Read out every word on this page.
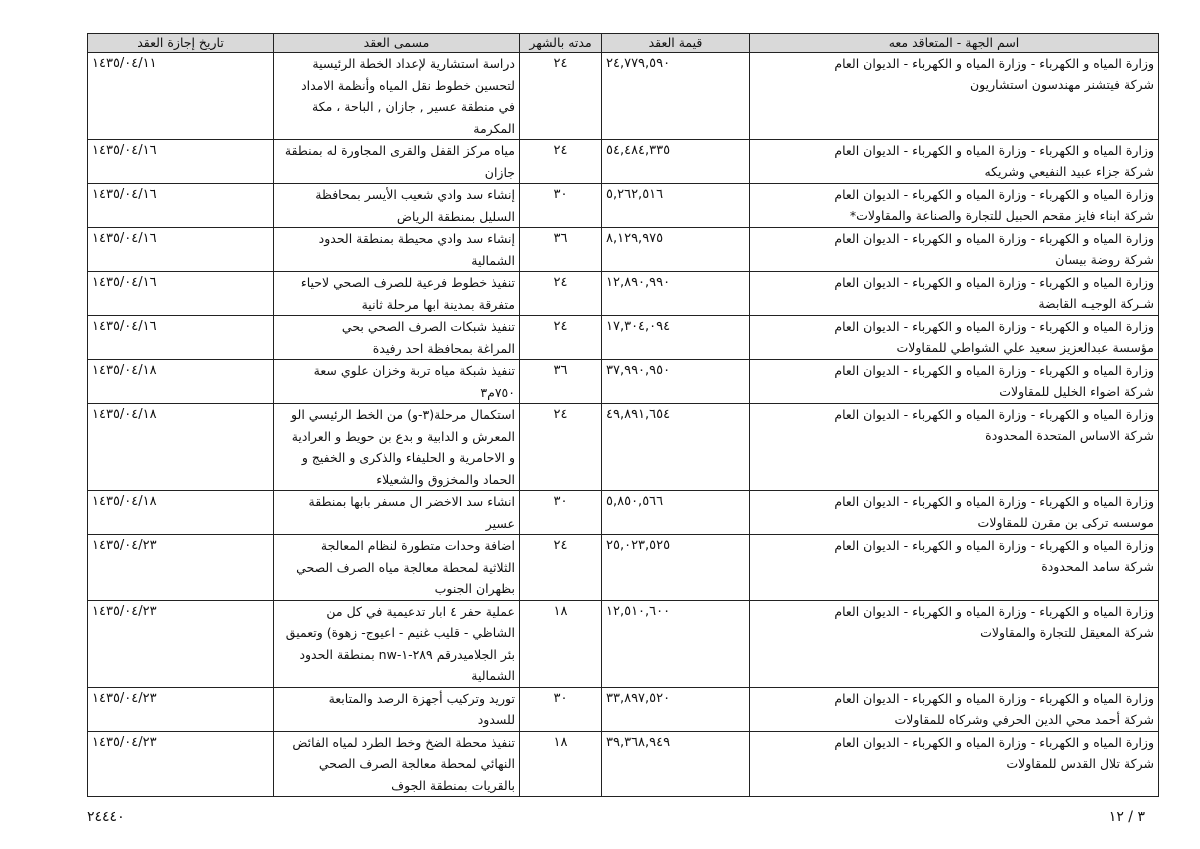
اسم الجهة - المتعاقد معه	قيمة العقد	مدته بالشهر	مسمى العقد	تاريخ إجازة العقد

وزارة المياه و الكهرباء - وزارة المياه و الكهرباء - الديوان العام
شركة فيتشنر مهندسون استشاريون	٢٤,٧٧٩,٥٩٠	٢٤	دراسة استشارية لإعداد الخطة الرئيسية
لتحسين خطوط نقل المياه وأنظمة الامداد
في منطقة عسير , جازان , الباحة ، مكة
المكرمة	١٤٣٥/٠٤/١١

وزارة المياه و الكهرباء - وزارة المياه و الكهرباء - الديوان العام
شركة جزاء عبيد النفيعي وشريكه	٥٤,٤٨٤,٣٣٥	٢٤	مياه مركز القفل والقرى المجاورة له بمنطقة
جازان	١٤٣٥/٠٤/١٦

وزارة المياه و الكهرباء - وزارة المياه و الكهرباء - الديوان العام
شركة ابناء فايز مقحم الحبيل للتجارة والصناعة والمقاولات*	٥,٢٦٢,٥١٦	٣٠	إنشاء سد وادي شعيب الأيسر بمحافظة
السليل بمنطقة الرياض	١٤٣٥/٠٤/١٦

وزارة المياه و الكهرباء - وزارة المياه و الكهرباء - الديوان العام
شركة روضة بيسان	٨,١٢٩,٩٧٥	٣٦	إنشاء سد وادي محيطة بمنطقة الحدود
الشمالية	١٤٣٥/٠٤/١٦

وزارة المياه و الكهرباء - وزارة المياه و الكهرباء - الديوان العام
شـركة الوجيـه القابضة	١٢,٨٩٠,٩٩٠	٢٤	تنفيذ خطوط فرعية للصرف الصحي لاحياء
متفرقة بمدينة ابها مرحلة ثانية	١٤٣٥/٠٤/١٦

وزارة المياه و الكهرباء - وزارة المياه و الكهرباء - الديوان العام
مؤسسة عبدالعزيز سعيد علي الشواطي للمقاولات	١٧,٣٠٤,٠٩٤	٢٤	تنفيذ شبكات الصرف الصحي بحي
المراغة بمحافظة احد رفيدة	١٤٣٥/٠٤/١٦

وزارة المياه و الكهرباء - وزارة المياه و الكهرباء - الديوان العام
شركة اضواء الخليل للمقاولات	٣٧,٩٩٠,٩٥٠	٣٦	تنفيذ شبكة مياه تربة وخزان علوي سعة
٧٥٠م٣	١٤٣٥/٠٤/١٨

وزارة المياه و الكهرباء - وزارة المياه و الكهرباء - الديوان العام
شركة الاساس المتحدة المحدودة	٤٩,٨٩١,٦٥٤	٢٤	استكمال مرحلة(٣-و) من الخط الرئيسي الو
المعرش و الدابية و بدع بن حويط و العرادية
و الاحامرية و الحليفاء والذكرى و الخفيج و
الحماد والمخزوق والشعيلاء	١٤٣٥/٠٤/١٨

وزارة المياه و الكهرباء - وزارة المياه و الكهرباء - الديوان العام
موسسه تركى بن مقرن للمقاولات	٥,٨٥٠,٥٦٦	٣٠	انشاء سد الاخضر ال مسفر بابها بمنطقة
عسير	١٤٣٥/٠٤/١٨

وزارة المياه و الكهرباء - وزارة المياه و الكهرباء - الديوان العام
شركة سامد المحدودة	٢٥,٠٢٣,٥٢٥	٢٤	اضافة وحدات متطورة لنظام المعالجة
الثلاثية لمحطة معالجة مياه الصرف الصحي
بظهران الجنوب	١٤٣٥/٠٤/٢٣

وزارة المياه و الكهرباء - وزارة المياه و الكهرباء - الديوان العام
شركة المعيقل للتجارة والمقاولات	١٢,٥١٠,٦٠٠	١٨	عملية حفر ٤ ابار تدعيمية في كل من
الشاظي - قليب غنيم - اعيوج- زهوة) وتعميق
بئر الجلاميدرقم ٢٨٩-١-nw بمنطقة الحدود
الشمالية	١٤٣٥/٠٤/٢٣

وزارة المياه و الكهرباء - وزارة المياه و الكهرباء - الديوان العام
شركة أحمد محي الدين الحرفي وشركاه للمقاولات	٣٣,٨٩٧,٥٢٠	٣٠	توريد وتركيب أجهزة الرصد والمتابعة
للسدود	١٤٣٥/٠٤/٢٣

وزارة المياه و الكهرباء - وزارة المياه و الكهرباء - الديوان العام
شركة تلال القدس للمقاولات	٣٩,٣٦٨,٩٤٩	١٨	تنفيذ محطة الضخ وخط الطرد لمياه الفائض
النهائي لمحطة معالجة الصرف الصحي
بالقريات بمنطقة الجوف	١٤٣٥/٠٤/٢٣
٣ / ١٢
٢٤٤٤٠
